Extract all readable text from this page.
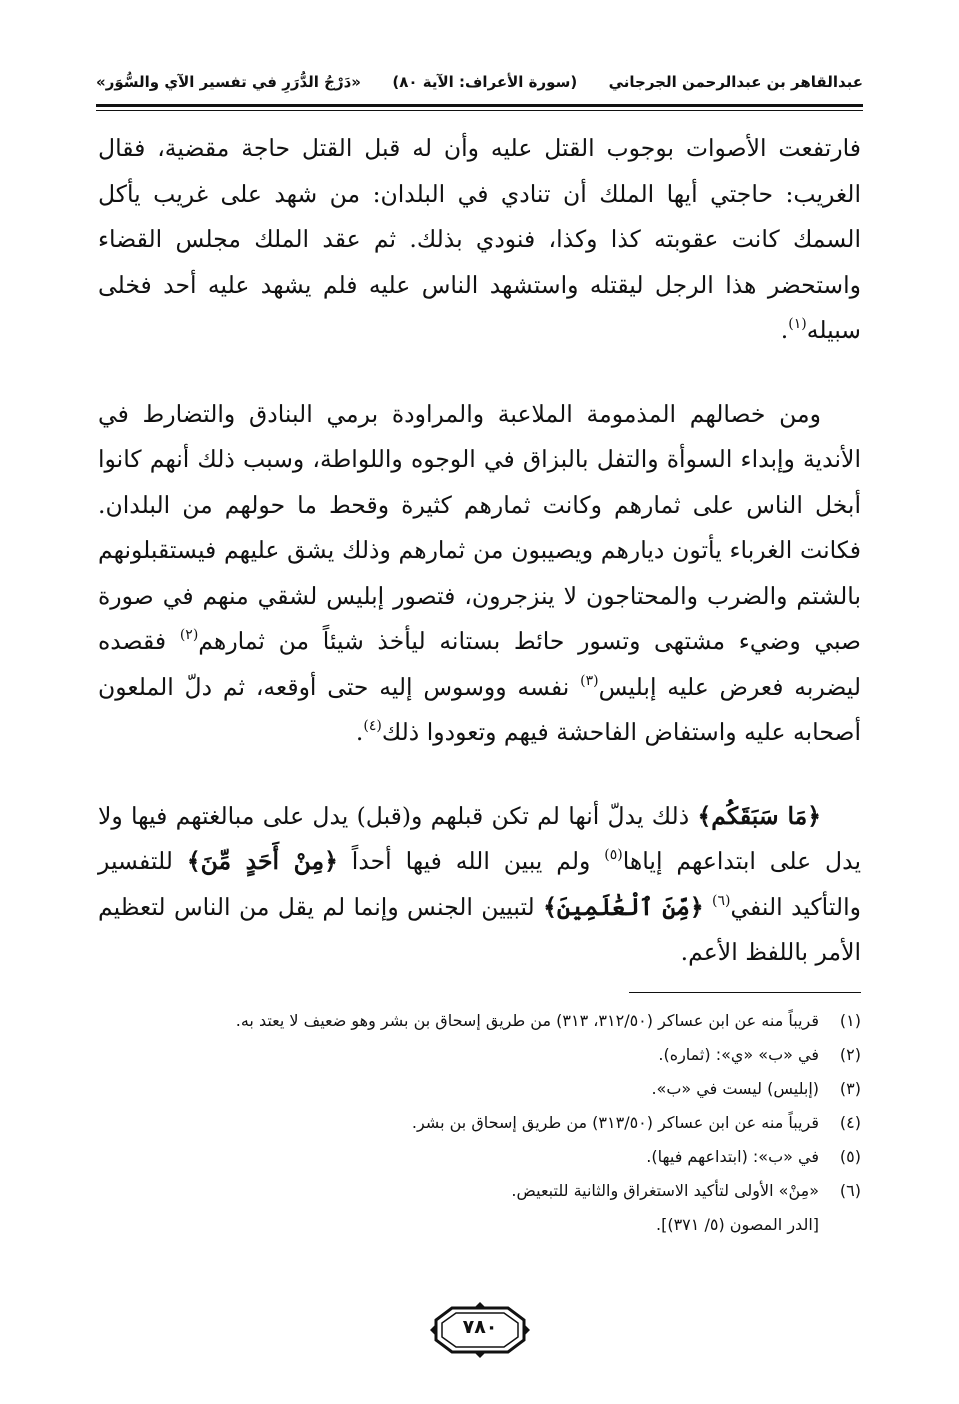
عبدالقاهر بن عبدالرحمن الجرجاني
(سورة الأعراف: الآية ٨٠)
«دَرْجُ الدُّرَرِ في تفسير الآي والسُّوَر»

فارتفعت الأصوات بوجوب القتل عليه وأن له قبل القتل حاجة مقضية، فقال الغريب: حاجتي أيها الملك أن تنادي في البلدان: من شهد على غريب يأكل السمك كانت عقوبته كذا وكذا، فنودي بذلك. ثم عقد الملك مجلس القضاء واستحضر هذا الرجل ليقتله واستشهد الناس عليه فلم يشهد عليه أحد فخلى سبيله$^{(١)}$.

ومن خصالهم المذمومة الملاعبة والمراودة برمي البنادق والتضارط في الأندية وإبداء السوأة والتفل بالبزاق في الوجوه واللواطة، وسبب ذلك أنهم كانوا أبخل الناس على ثمارهم وكانت ثمارهم كثيرة وقحط ما حولهم من البلدان. فكانت الغرباء يأتون ديارهم ويصيبون من ثمارهم وذلك يشق عليهم فيستقبلونهم بالشتم والضرب والمحتاجون لا ينزجرون، فتصور إبليس لشقي منهم في صورة صبي وضيء مشتهى وتسور حائط بستانه ليأخذ شيئاً من ثمارهم$^{(٢)}$ فقصده ليضربه فعرض عليه إبليس$^{(٣)}$ نفسه ووسوس إليه حتى أوقعه، ثم دلّ الملعون أصحابه عليه واستفاض الفاحشة فيهم وتعودوا ذلك$^{(٤)}$.

﴿مَا سَبَقَكُم﴾ ذلك يدلّ أنها لم تكن قبلهم و(قبل) يدل على مبالغتهم فيها ولا يدل على ابتداعهم إياها$^{(٥)}$ ولم يبين الله فيها أحداً ﴿مِنْ أَحَدٍ مِّنَ﴾ للتفسير والتأكيد النفي$^{(٦)}$ ﴿مِّنَ ٱلْعَٰلَمِينَ﴾ لتبيين الجنس وإنما لم يقل من الناس لتعظيم الأمر باللفظ الأعم.

(١)
قريباً منه عن ابن عساكر (٣١٢/٥٠، ٣١٣) من طريق إسحاق بن بشر وهو ضعيف لا يعتد به.
(٢)
في «ب» «ي»: (ثماره).
(٣)
(إبليس) ليست في «ب».
(٤)
قريباً منه عن ابن عساكر (٣١٣/٥٠) من طريق إسحاق بن بشر.
(٥)
في «ب»: (ابتداعهم فيها).
(٦)
«مِنْ» الأولى لتأكيد الاستغراق والثانية للتبعيض.
[الدر المصون (٥/ ٣٧١)].
٧٨٠
